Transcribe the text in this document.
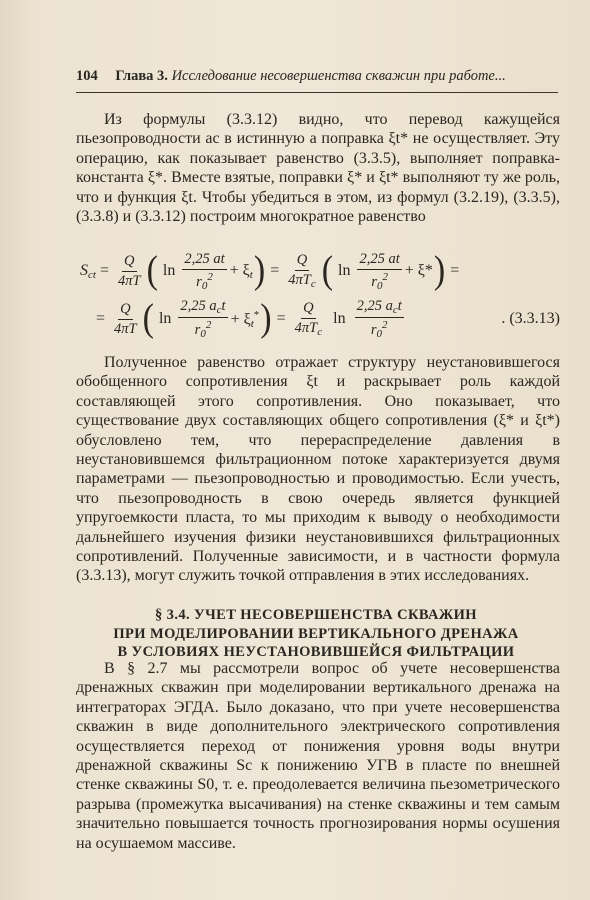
104 Глава 3. Исследование несовершенства скважин при работе...

Из формулы (3.3.12) видно, что перевод кажущейся пьезопроводности aс в истинную a поправка ξt* не осуществляет. Эту операцию, как показывает равенство (3.3.5), выполняет поправка-константа ξ*. Вместе взятые, поправки ξ* и ξt* выполняют ту же роль, что и функция ξt. Чтобы убедиться в этом, из формул (3.2.19), (3.3.5), (3.3.8) и (3.3.12) построим многократное равенство

$S_{ct} = \frac{Q}{4\pi T}$ ( $\ln \frac{2,25 at}{r_0^2} + \xi_t$ ) = $\frac{Q}{4\pi T_c}$ ( $\ln \frac{2,25 at}{r_0^2} + \xi*$ ) =
= $\frac{Q}{4\pi T}$ ( $\ln \frac{2,25 a_ct}{r_0^2} + \xi_t^*$ ) = $\frac{Q}{4\pi T_c}$ $\ln \frac{2,25 a_ct}{r_0^2}$	. (3.3.13)

Полученное равенство отражает структуру неустановившегося обобщенного сопротивления ξt и раскрывает роль каждой составляющей этого сопротивления. Оно показывает, что существование двух составляющих общего сопротивления (ξ* и ξt*) обусловлено тем, что перераспределение давления в неустановившемся фильтрационном потоке характеризуется двумя параметрами — пьезопроводностью и проводимостью. Если учесть, что пьезопроводность в свою очередь является функцией упругоемкости пласта, то мы приходим к выводу о необходимости дальнейшего изучения физики неустановившихся фильтрационных сопротивлений. Полученные зависимости, и в частности формула (3.3.13), могут служить точкой отправления в этих исследованиях.

§ 3.4. УЧЕТ НЕСОВЕРШЕНСТВА СКВАЖИН
ПРИ МОДЕЛИРОВАНИИ ВЕРТИКАЛЬНОГО ДРЕНАЖА
В УСЛОВИЯХ НЕУСТАНОВИВШЕЙСЯ ФИЛЬТРАЦИИ

В § 2.7 мы рассмотрели вопрос об учете несовершенства дренажных скважин при моделировании вертикального дренажа на интеграторах ЭГДА. Было доказано, что при учете несовершенства скважин в виде дополнительного электрического сопротивления осуществляется переход от понижения уровня воды внутри дренажной скважины Sс к понижению УГВ в пласте по внешней стенке скважины S0, т. е. преодолевается величина пьезометрического разрыва (промежутка высачивания) на стенке скважины и тем самым значительно повышается точность прогнозирования нормы осушения на осушаемом массиве.
